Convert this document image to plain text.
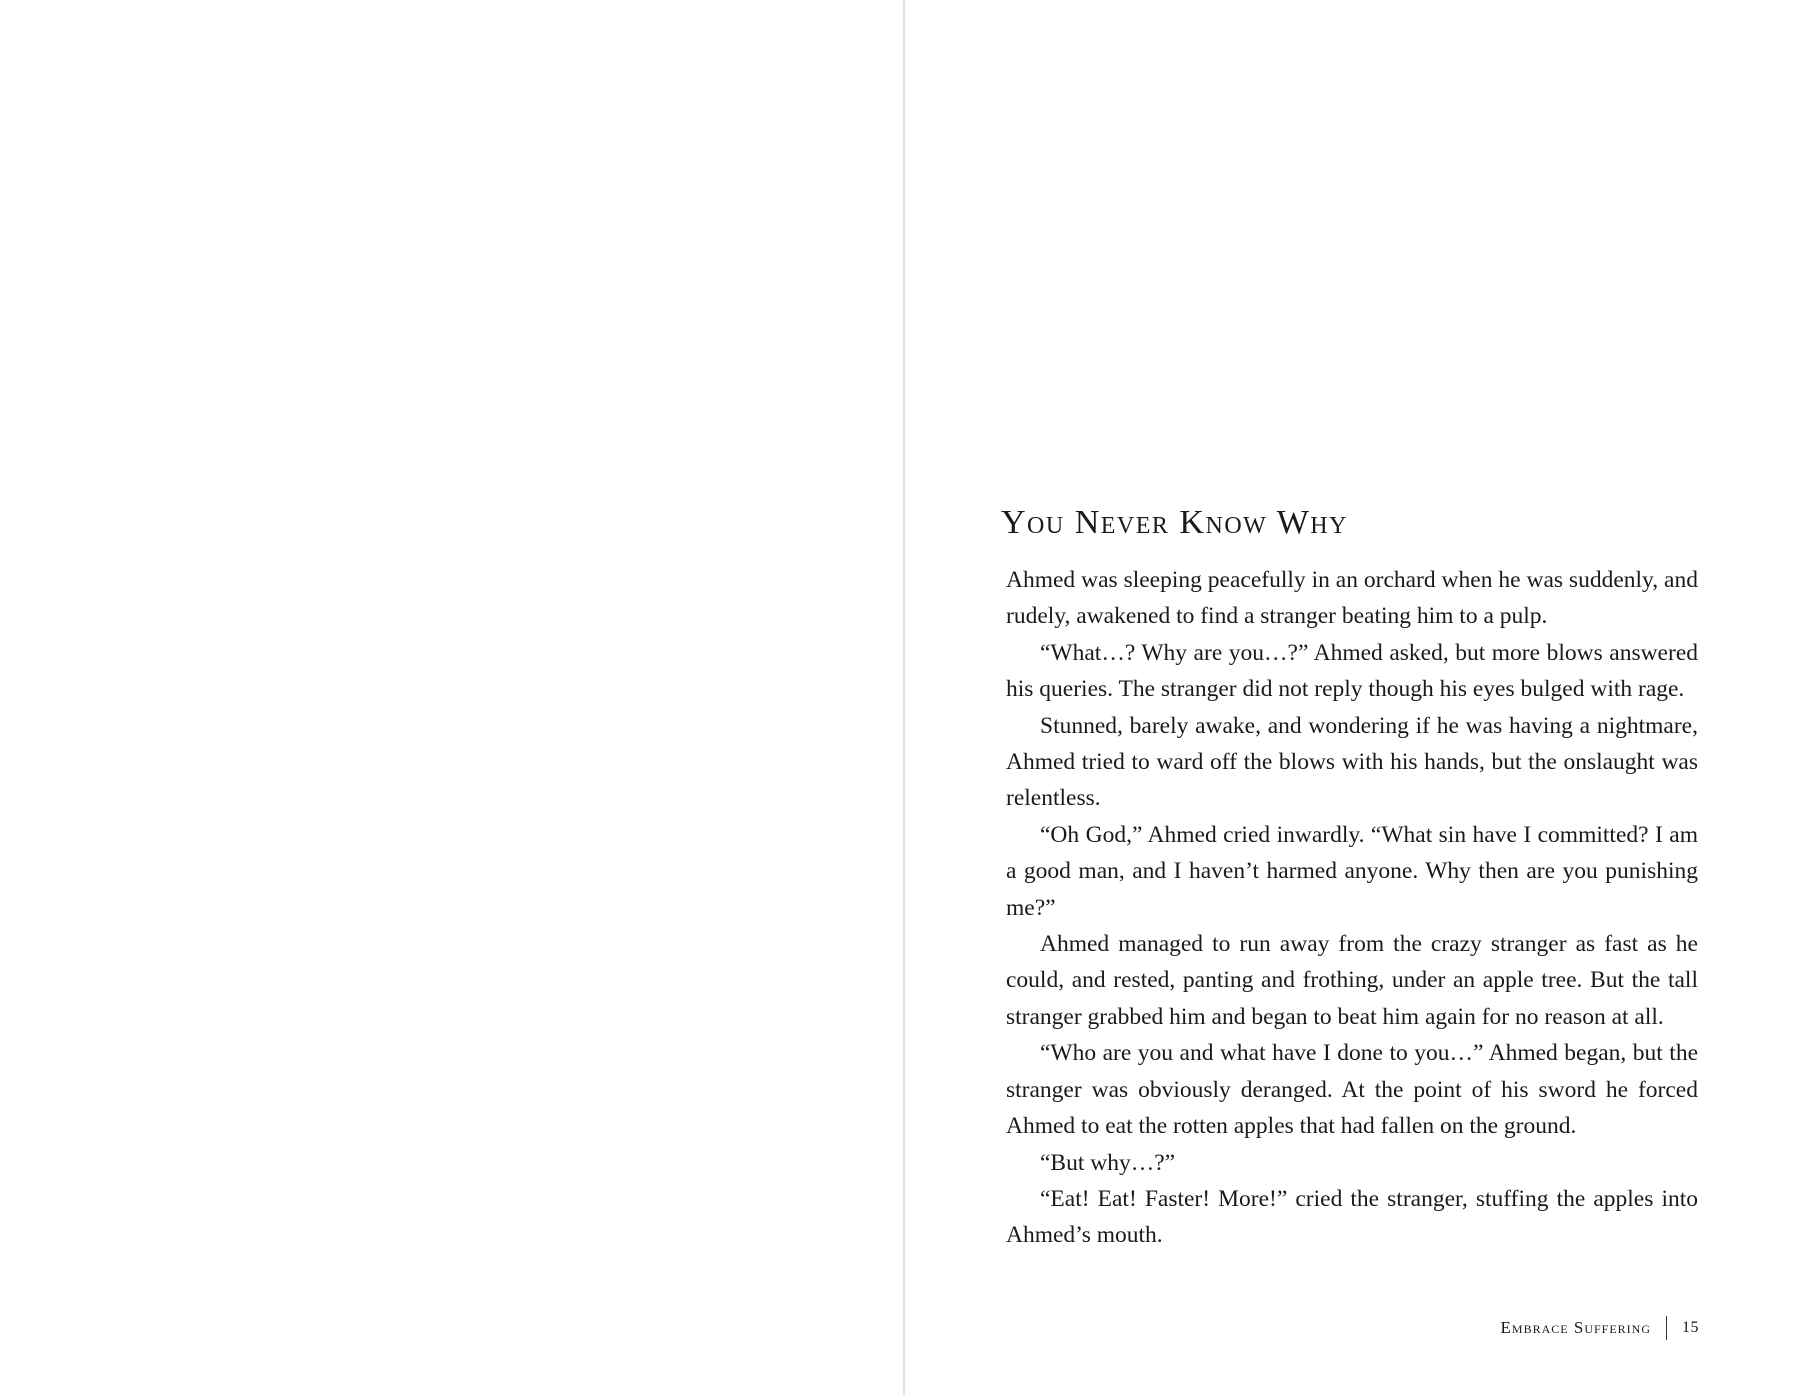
You Never Know Why

Ahmed was sleeping peacefully in an orchard when he was suddenly, and rudely, awakened to find a stranger beating him to a pulp.

“What…? Why are you…?” Ahmed asked, but more blows answered his queries. The stranger did not reply though his eyes bulged with rage.

Stunned, barely awake, and wondering if he was having a nightmare, Ahmed tried to ward off the blows with his hands, but the onslaught was relentless.

“Oh God,” Ahmed cried inwardly. “What sin have I committed? I am a good man, and I haven’t harmed anyone. Why then are you punishing me?”

Ahmed managed to run away from the crazy stranger as fast as he could, and rested, panting and frothing, under an apple tree. But the tall stranger grabbed him and began to beat him again for no reason at all.

“Who are you and what have I done to you…” Ahmed began, but the stranger was obviously deranged. At the point of his sword he forced Ahmed to eat the rotten apples that had fallen on the ground.

“But why…?”

“Eat! Eat! Faster! More!” cried the stranger, stuffing the apples into Ahmed’s mouth.

Embrace Suffering 15
